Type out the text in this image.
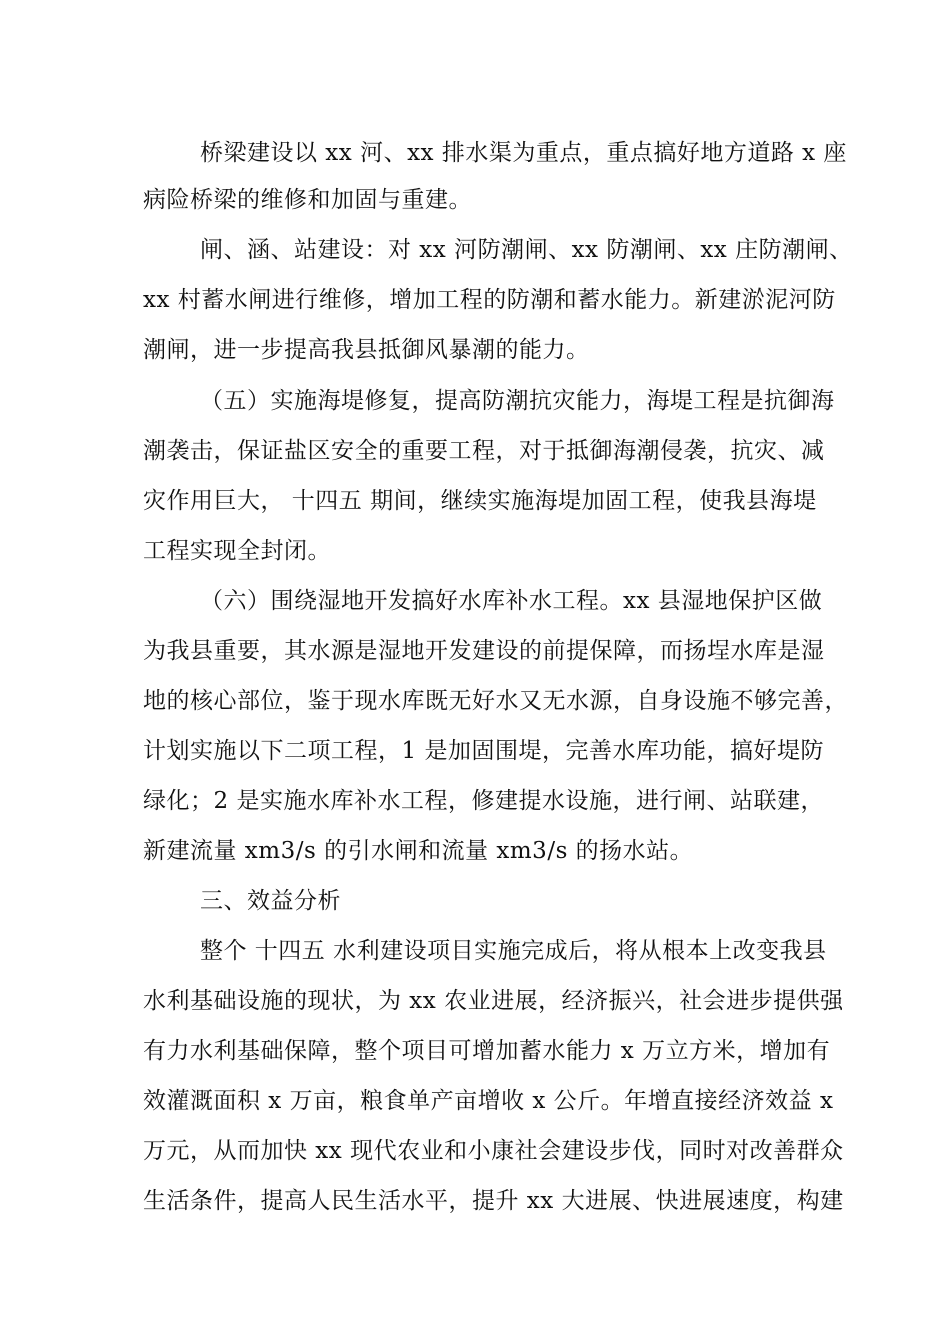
桥梁建设以 xx 河、xx 排水渠为重点，重点搞好地方道路 x 座
病险桥梁的维修和加固与重建。
闸、涵、站建设：对 xx 河防潮闸、xx 防潮闸、xx 庄防潮闸、
xx 村蓄水闸进行维修，增加工程的防潮和蓄水能力。新建淤泥河防
潮闸，进一步提高我县抵御风暴潮的能力。
（五）实施海堤修复，提高防潮抗灾能力，海堤工程是抗御海
潮袭击，保证盐区安全的重要工程，对于抵御海潮侵袭，抗灾、减
灾作用巨大， 十四五 期间，继续实施海堤加固工程，使我县海堤
工程实现全封闭。
（六）围绕湿地开发搞好水库补水工程。xx 县湿地保护区做
为我县重要，其水源是湿地开发建设的前提保障，而扬埕水库是湿
地的核心部位，鉴于现水库既无好水又无水源，自身设施不够完善，
计划实施以下二项工程，1 是加固围堤，完善水库功能，搞好堤防
绿化；2 是实施水库补水工程，修建提水设施，进行闸、站联建，
新建流量 xm3/s 的引水闸和流量 xm3/s 的扬水站。
三、效益分析
整个 十四五 水利建设项目实施完成后，将从根本上改变我县
水利基础设施的现状，为 xx 农业进展，经济振兴，社会进步提供强
有力水利基础保障，整个项目可增加蓄水能力 x 万立方米，增加有
效灌溉面积 x 万亩，粮食单产亩增收 x 公斤。年增直接经济效益 x
万元，从而加快 xx 现代农业和小康社会建设步伐，同时对改善群众
生活条件，提高人民生活水平，提升 xx 大进展、快进展速度，构建
